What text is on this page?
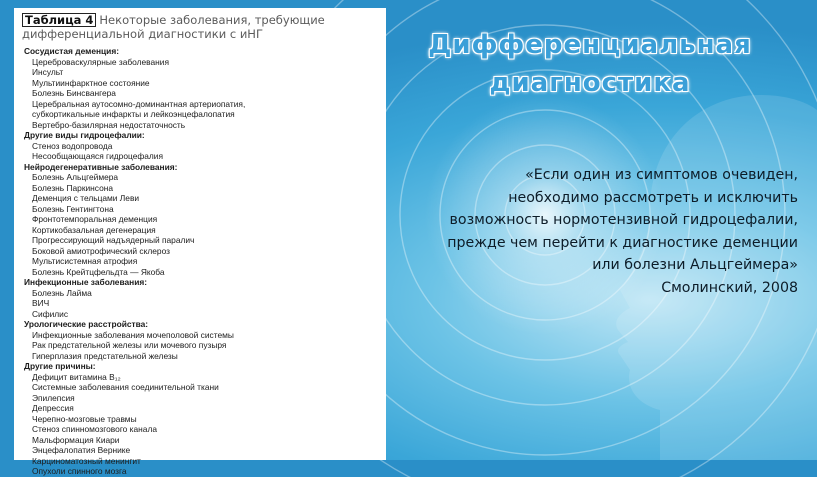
Таблица 4 Некоторые заболевания, требующие
дифференциальной диагностики с иНГ
Сосудистая деменция:
Цереброваскулярные заболевания
Инсульт
Мультиинфарктное состояние
Болезнь Бинсвангера
Церебральная аутосомно-доминантная артериопатия,
субкортикальные инфаркты и лейкоэнцефалопатия
Вертебро-базилярная недостаточность
Другие виды гидроцефалии:
Стеноз водопровода
Несообщающаяся гидроцефалия
Нейродегенеративные заболевания:
Болезнь Альцгеймера
Болезнь Паркинсона
Деменция с тельцами Леви
Болезнь Гентингтона
Фронтотемпоральная деменция
Кортикобазальная дегенерация
Прогрессирующий надъядерный паралич
Боковой амиотрофический склероз
Мультисистемная атрофия
Болезнь Крейтцфельдта — Якоба
Инфекционные заболевания:
Болезнь Лайма
ВИЧ
Сифилис
Урологические расстройства:
Инфекционные заболевания мочеполовой системы
Рак предстательной железы или мочевого пузыря
Гиперплазия предстательной железы
Другие причины:
Дефицит витамина B₁₂
Системные заболевания соединительной ткани
Эпилепсия
Депрессия
Черепно-мозговые травмы
Стеноз спинномозгового канала
Мальформация Киари
Энцефалопатия Вернике
Карциноматозный менингит
Опухоли спинного мозга
Дифференциальная
диагностика
«Если один из симптомов очевиден,
необходимо рассмотреть и исключить
возможность нормотензивной гидроцефалии,
прежде чем перейти к диагностике деменции
или болезни Альцгеймера»
Смолинский, 2008
